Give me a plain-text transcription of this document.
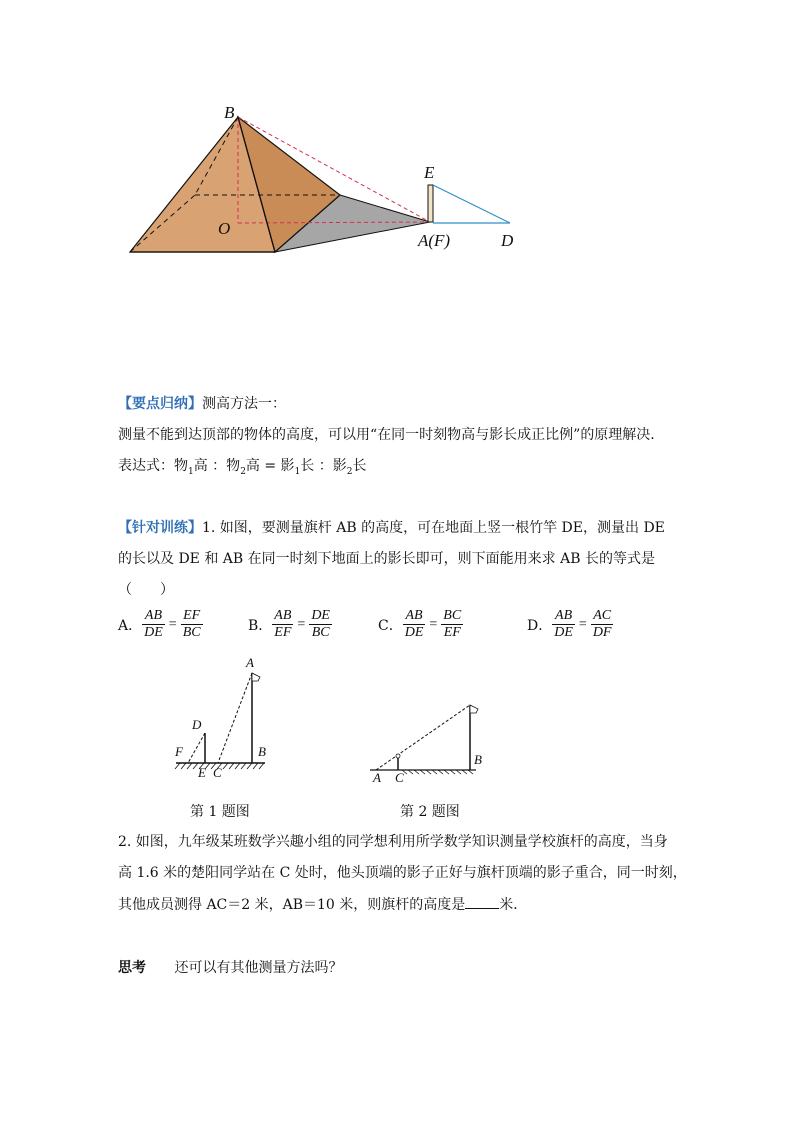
B
E
O
A(F)	D
【要点归纳】测高方法一：
测量不能到达顶部的物体的高度，可以用“在同一时刻物高与影长成正比例”的原理解决.
表达式：物$_1$高 ：物$_2$高 = 影$_1$长 ：影$_2$长
【针对训练】1. 如图，要测量旗杆 AB 的高度，可在地面上竖一根竹竿 DE，测量出 DE
的长以及 DE 和 AB 在同一时刻下地面上的影长即可，则下面能用来求 AB 长的等式是
（　　）
A． $\frac{AB}{DE} = \frac{EF}{BC}$	B． $\frac{AB}{EF} = \frac{DE}{BC}$	C． $\frac{AB}{DE} = \frac{BC}{EF}$	D． $\frac{AB}{DE} = \frac{AC}{DF}$
A
D
F
E C
B
第 1 题图
A C
B
第 2 题图
2. 如图，九年级某班数学兴趣小组的同学想利用所学数学知识测量学校旗杆的高度，当身
高 1.6 米的楚阳同学站在 C 处时，他头顶端的影子正好与旗杆顶端的影子重合，同一时刻，
其他成员测得 AC＝2 米，AB＝10 米，则旗杆的高度是 米．
思考 还可以有其他测量方法吗？
